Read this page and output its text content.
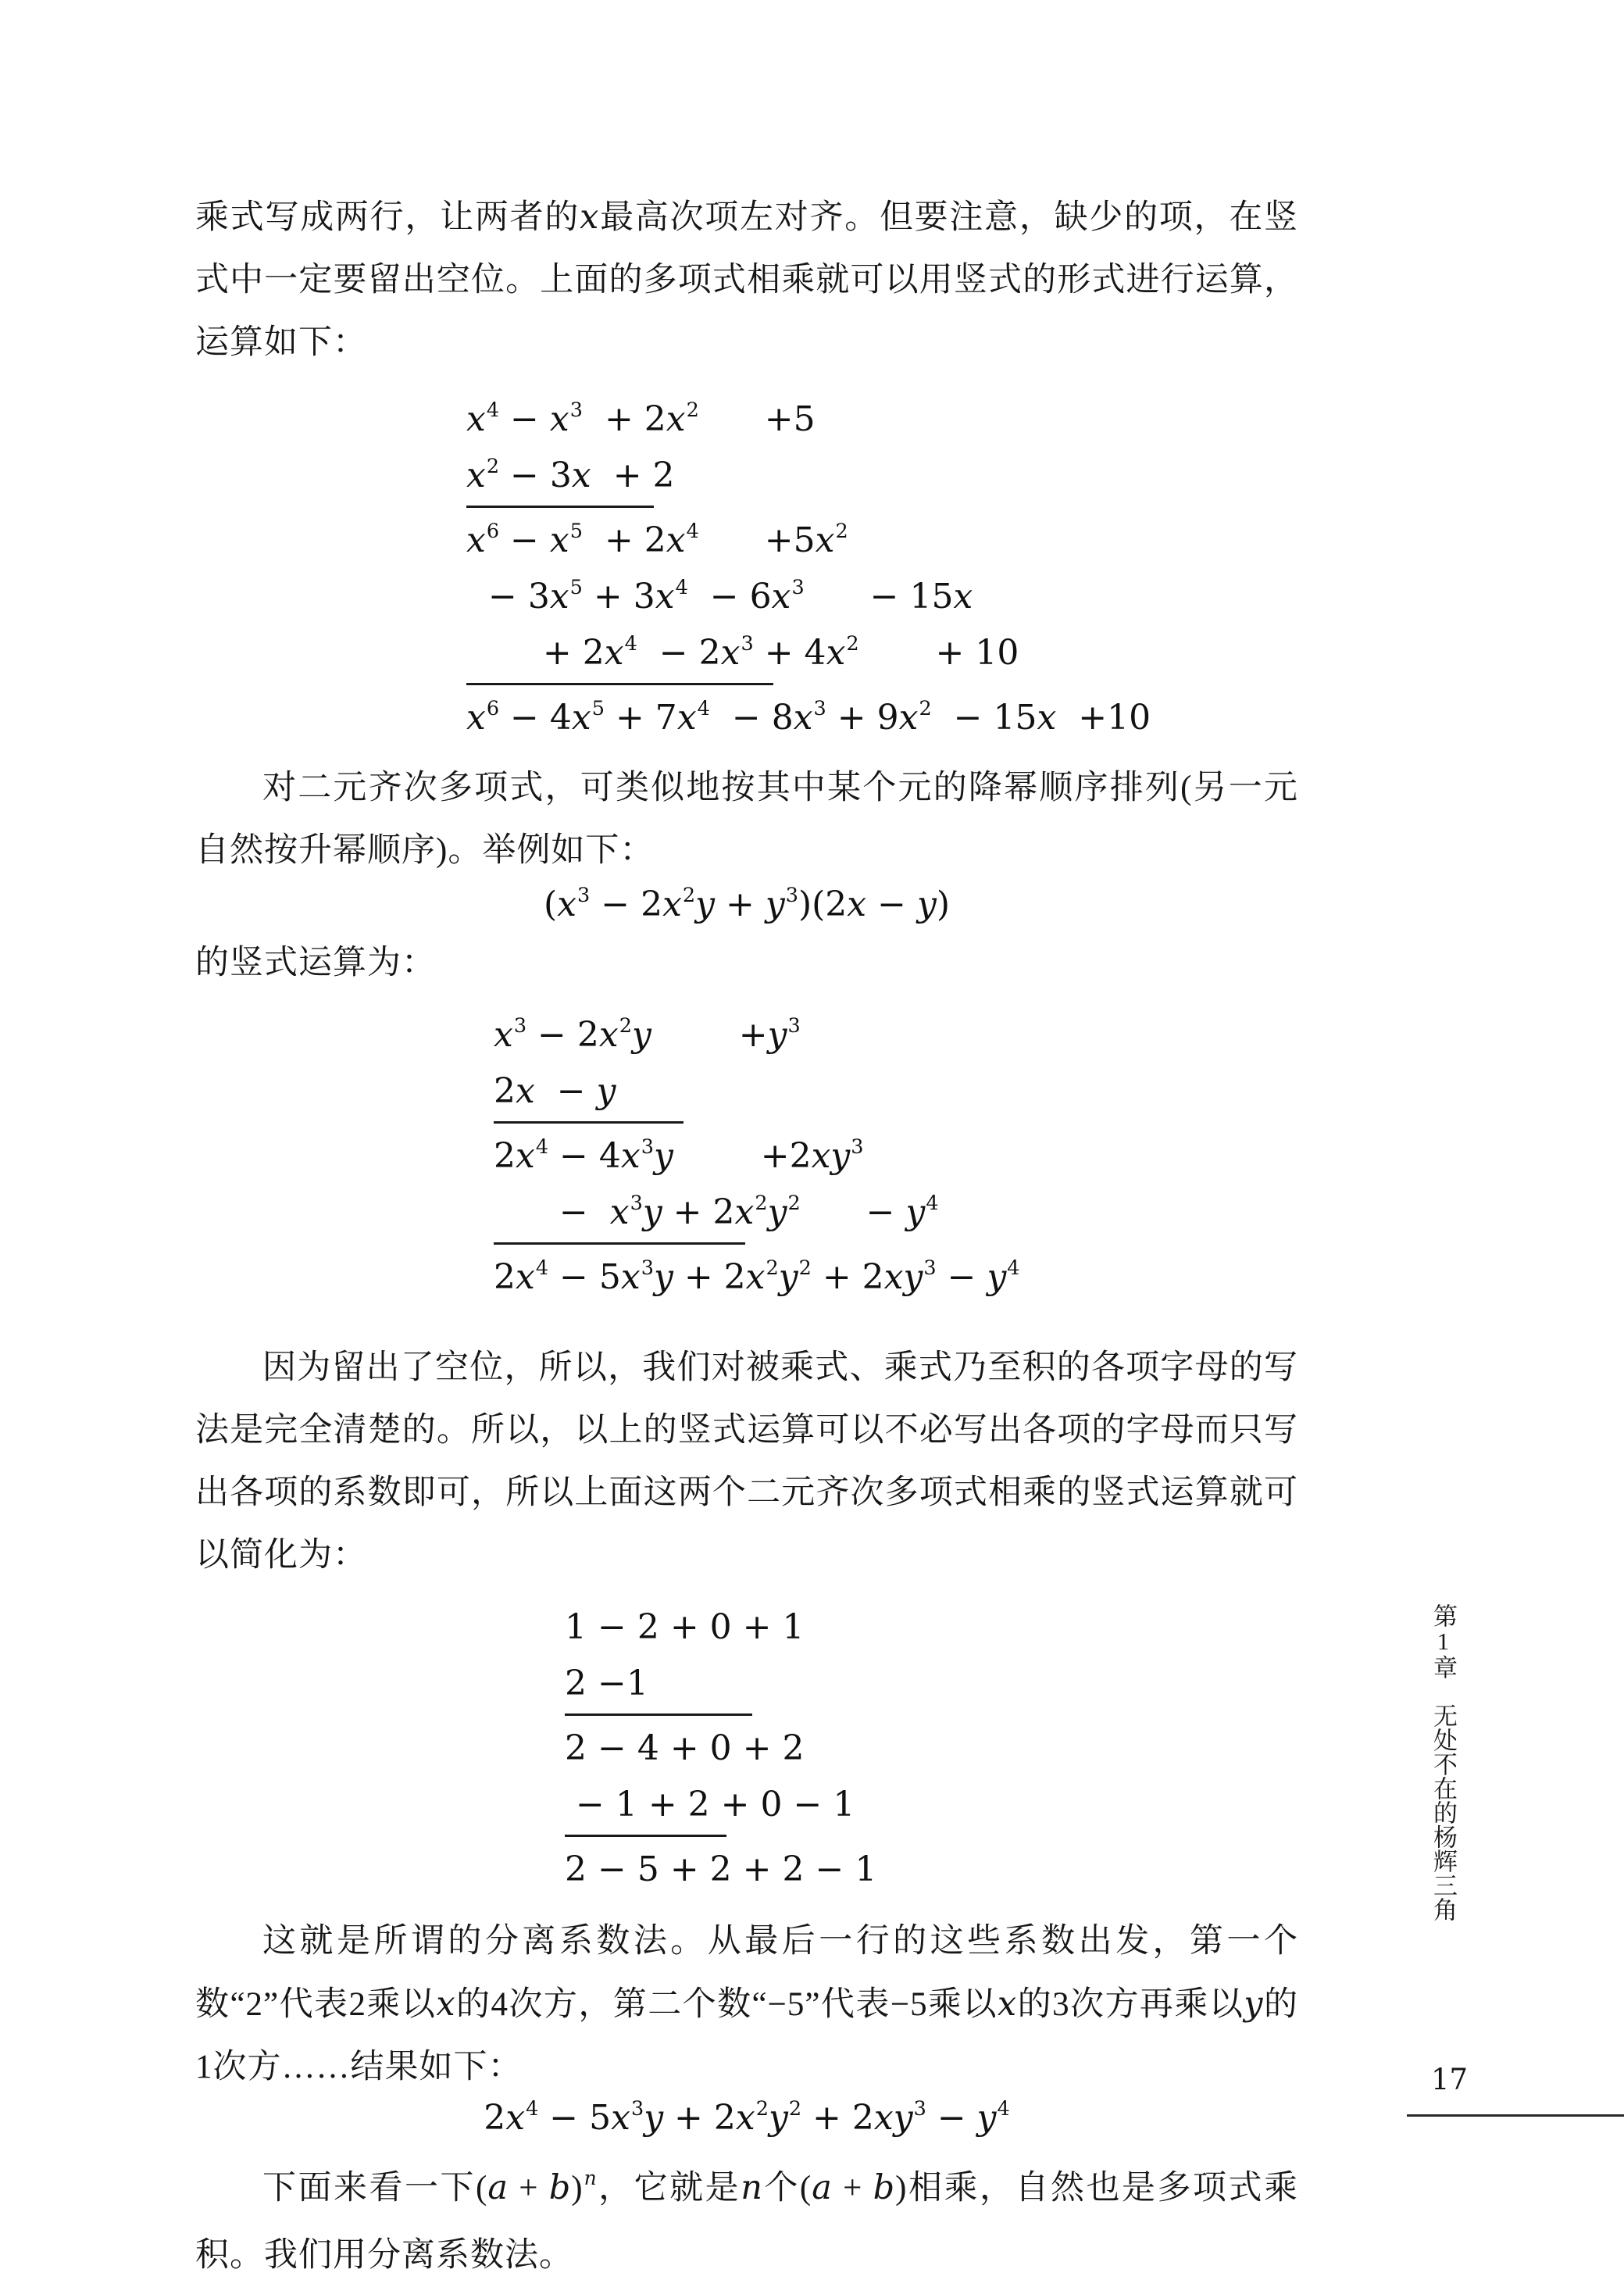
乘式写成两行，让两者的x最高次项左对齐。但要注意，缺少的项，在竖式中一定要留出空位。上面的多项式相乘就可以用竖式的形式进行运算，运算如下：

$x^4 - x^3 + 2x^2$      +5
$x^2 - 3x + 2$
$x^6 - x^5 + 2x^4$      $+5x^2$
− $3x^5 + 3x^4 - 6x^3$      − 15x
+ $2x^4 - 2x^3 + 4x^2$       + 10
$x^6 - 4x^5 + 7x^4 - 8x^3 + 9x^2 - 15x +10$

对二元齐次多项式，可类似地按其中某个元的降幂顺序排列(另一元自然按升幂顺序)。举例如下：

$(x^3 - 2x^2y + y^3)(2x - y)$

的竖式运算为：

$x^3 - 2x^2y$        $+y^3$
2x  − y
$2x^4 - 4x^3y$        $+2xy^3$
−  $x^3y + 2x^2y^2$      − $y^4$
$2x^4 - 5x^3y + 2x^2y^2 + 2xy^3 - y^4$

因为留出了空位，所以，我们对被乘式、乘式乃至积的各项字母的写法是完全清楚的。所以，以上的竖式运算可以不必写出各项的字母而只写出各项的系数即可，所以上面这两个二元齐次多项式相乘的竖式运算就可以简化为：

1 − 2 + 0 + 1
2 −1
2 − 4 + 0 + 2
− 1 + 2 + 0 − 1
2 − 5 + 2 + 2 − 1

这就是所谓的分离系数法。从最后一行的这些系数出发，第一个数“2”代表2乘以x的4次方，第二个数“−5”代表−5乘以x的3次方再乘以y的1次方……结果如下：

$2x^4 - 5x^3y + 2x^2y^2 + 2xy^3 - y^4$

下面来看一下$(a + b)^n$，它就是n个(a + b)相乘，自然也是多项式乘积。我们用分离系数法。

第1章　无处不在的杨辉三角
17
